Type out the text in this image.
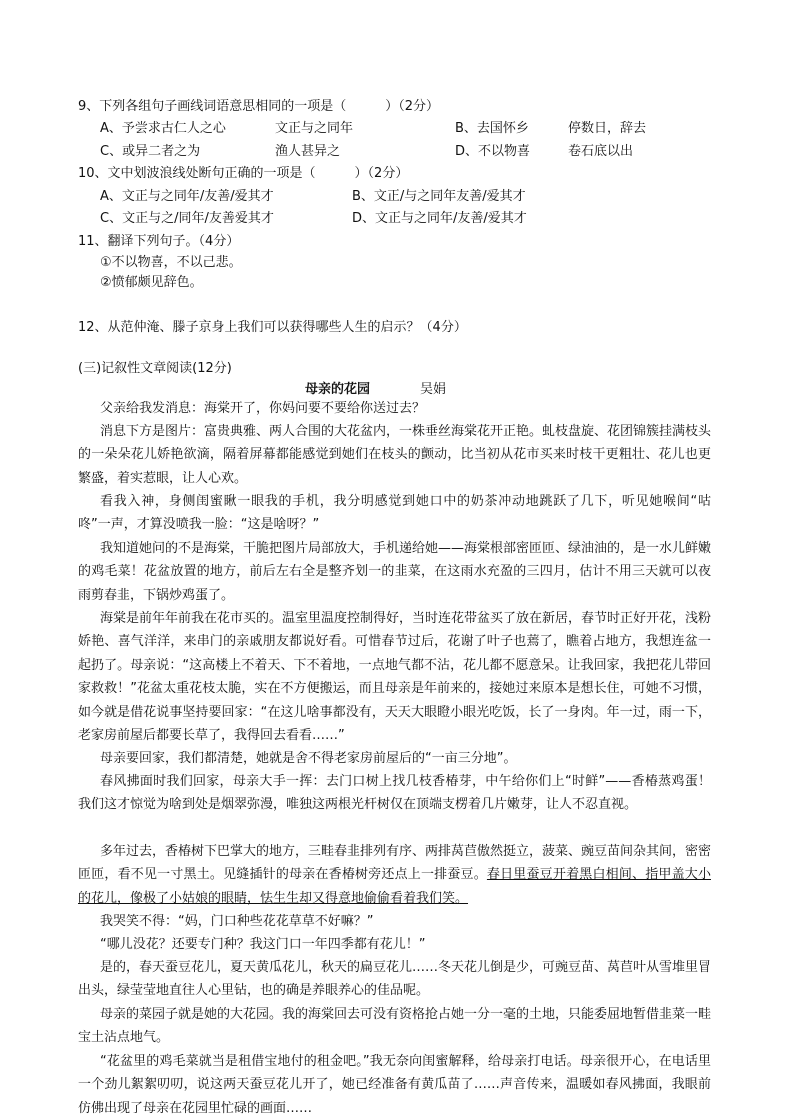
9、下列各组句子画线词语意思相同的一项是（　　　）（2分）
A、予尝求古仁人之心	文正与之同年	B、去国怀乡	停数日，辞去
C、或异二者之为	渔人甚异之	D、不以物喜	卷石底以出
10、文中划波浪线处断句正确的一项是（　　　）（2分）
A、文正与之同年/友善/爱其才	B、文正/与之同年友善/爱其才
C、文正与之/同年/友善爱其才	D、文正与之同年/友善/爱其才
11、翻译下列句子。（4分）
①不以物喜，不以己悲。
②愤郁颇见辞色。
12、从范仲淹、滕子京身上我们可以获得哪些人生的启示？（4分）
(三)记叙性文章阅读(12分)
母亲的花园	吴娟
父亲给我发消息：海棠开了，你妈问要不要给你送过去？
消息下方是图片：富贵典雅、两人合围的大花盆内，一株垂丝海棠花开正艳。虬枝盘旋、花团锦簇挂满枝头的一朵朵花儿娇艳欲滴，隔着屏幕都能感觉到她们在枝头的颤动，比当初从花市买来时枝干更粗壮、花儿也更繁盛，着实惹眼，让人心欢。
看我入神，身侧闺蜜瞅一眼我的手机，我分明感觉到她口中的奶茶冲动地跳跃了几下，听见她喉间“咕咚”一声，才算没喷我一脸：“这是啥呀？”
我知道她问的不是海棠，干脆把图片局部放大，手机递给她——海棠根部密匝匝、绿油油的，是一水儿鲜嫩的鸡毛菜！花盆放置的地方，前后左右全是整齐划一的韭菜，在这雨水充盈的三四月，估计不用三天就可以夜雨剪春韭，下锅炒鸡蛋了。
海棠是前年年前我在花市买的。温室里温度控制得好，当时连花带盆买了放在新居，春节时正好开花，浅粉娇艳、喜气洋洋，来串门的亲戚朋友都说好看。可惜春节过后，花谢了叶子也蔫了，瞧着占地方，我想连盆一起扔了。母亲说：“这高楼上不着天、下不着地，一点地气都不沾，花儿都不愿意呆。让我回家，我把花儿带回家救救！”花盆太重花枝太脆，实在不方便搬运，而且母亲是年前来的，接她过来原本是想长住，可她不习惯，如今就是借花说事坚持要回家：“在这儿啥事都没有，天天大眼瞪小眼光吃饭，长了一身肉。年一过，雨一下，老家房前屋后都要长草了，我得回去看看……”
母亲要回家，我们都清楚，她就是舍不得老家房前屋后的“一亩三分地”。
春风拂面时我们回家，母亲大手一挥：去门口树上找几枝香椿芽，中午给你们上“时鲜”——香椿蒸鸡蛋！我们这才惊觉为啥到处是烟翠弥漫，唯独这两根光杆树仅在顶端支楞着几片嫩芽，让人不忍直视。
多年过去，香椿树下巴掌大的地方，三畦春韭排列有序、两排莴苣傲然挺立，菠菜、豌豆苗间杂其间，密密匝匝，看不见一寸黑土。见缝插针的母亲在香椿树旁还点上一排蚕豆。春日里蚕豆开着黑白相间、指甲盖大小的花儿，像极了小姑娘的眼睛，怯生生却又得意地偷偷看着我们笑。
我哭笑不得：“妈，门口种些花花草草不好嘛？”
“哪儿没花？还要专门种？我这门口一年四季都有花儿！”
是的，春天蚕豆花儿，夏天黄瓜花儿，秋天的扁豆花儿……冬天花儿倒是少，可豌豆苗、莴苣叶从雪堆里冒出头，绿莹莹地直往人心里钻，也的确是养眼养心的佳品呢。
母亲的菜园子就是她的大花园。我的海棠回去可没有资格抢占她一分一毫的土地，只能委屈地暂借韭菜一畦宝土沾点地气。
“花盆里的鸡毛菜就当是租借宝地付的租金吧。”我无奈向闺蜜解释，给母亲打电话。母亲很开心，在电话里一个劲儿絮絮叨叨，说这两天蚕豆花儿开了，她已经准备有黄瓜苗了……声音传来，温暖如春风拂面，我眼前仿佛出现了母亲在花园里忙碌的画面……
